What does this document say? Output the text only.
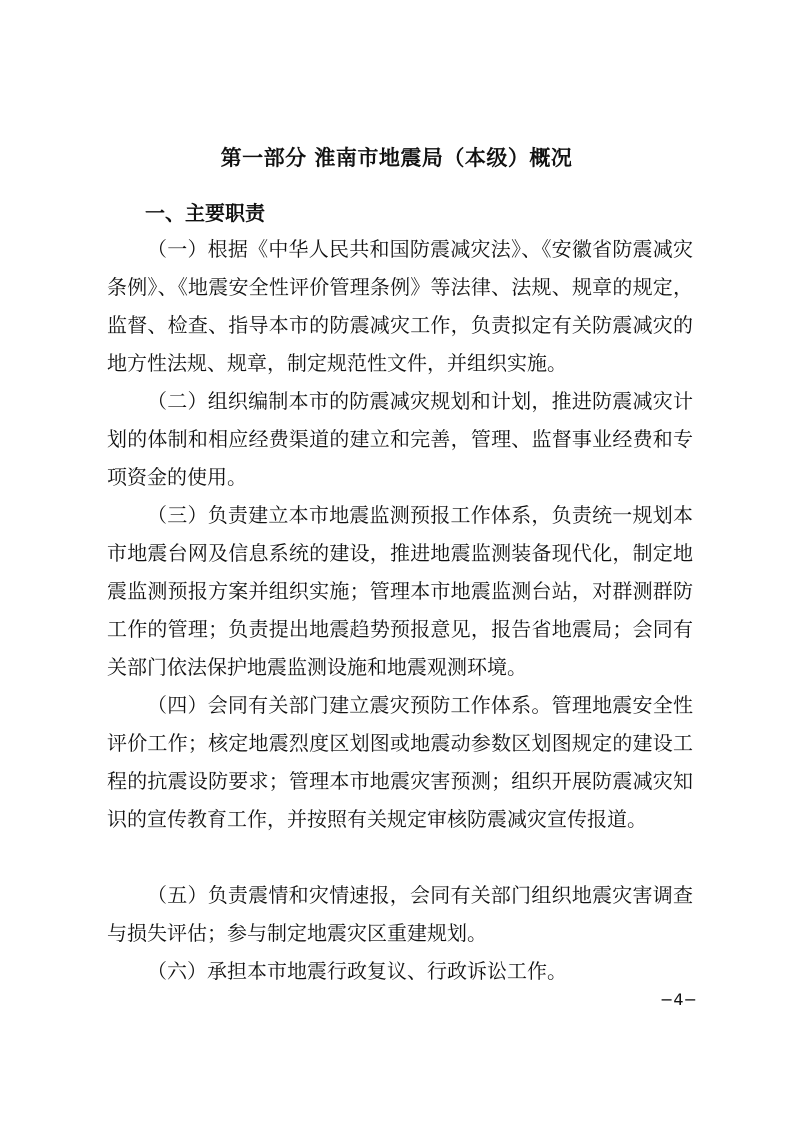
第一部分 淮南市地震局（本级）概况
一、主要职责

（一）根据《中华人民共和国防震减灾法》、《安徽省防震减灾条例》、《地震安全性评价管理条例》等法律、法规、规章的规定，监督、检查、指导本市的防震减灾工作，负责拟定有关防震减灾的地方性法规、规章，制定规范性文件，并组织实施。

（二）组织编制本市的防震减灾规划和计划，推进防震减灾计划的体制和相应经费渠道的建立和完善，管理、监督事业经费和专项资金的使用。

（三）负责建立本市地震监测预报工作体系，负责统一规划本市地震台网及信息系统的建设，推进地震监测装备现代化，制定地震监测预报方案并组织实施；管理本市地震监测台站，对群测群防工作的管理；负责提出地震趋势预报意见，报告省地震局；会同有关部门依法保护地震监测设施和地震观测环境。

（四）会同有关部门建立震灾预防工作体系。管理地震安全性评价工作；核定地震烈度区划图或地震动参数区划图规定的建设工程的抗震设防要求；管理本市地震灾害预测；组织开展防震减灾知识的宣传教育工作，并按照有关规定审核防震减灾宣传报道。

（五）负责震情和灾情速报，会同有关部门组织地震灾害调查与损失评估；参与制定地震灾区重建规划。

（六）承担本市地震行政复议、行政诉讼工作。

−4−
